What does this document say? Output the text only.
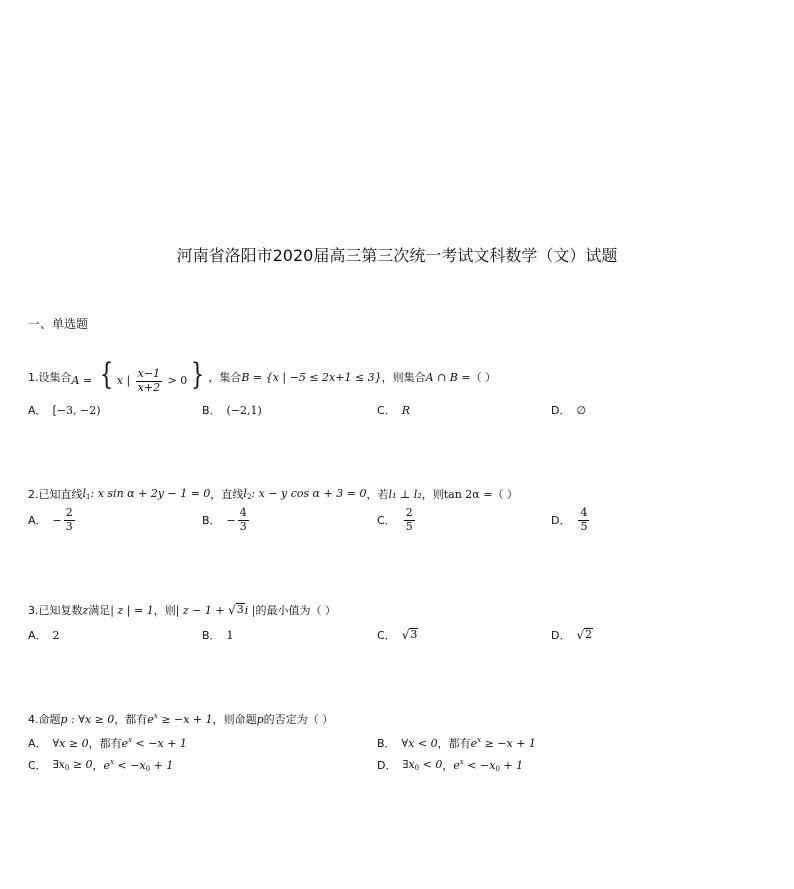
河南省洛阳市2020届高三第三次统一考试文科数学（文）试题
一、单选题
1. 设集合 A = { x | $\frac{x-1}{x+2} > 0$ } ，集合 B = {x | −5 ≤ 2x+1 ≤ 3} ，则集合 A ∩ B = （ ）
A． [−3, −2)	B． (−2,1)	C． R	D． ∅
2. 已知直线 $l_1$: x sin α + 2y − 1 = 0 ，直线 $l_2$: x − y cos α + 3 = 0 ，若 l₁ ⊥ l₂ ，则 tan 2α = （ ）
A． − $\frac{2}{3}$	B． − $\frac{4}{3}$	C． $\frac{2}{5}$	D． $\frac{4}{5}$
3. 已知复数 z 满足 | z | = 1 ，则 | z − 1 + √ 3 i | 的最小值为 （ ）
A． 2	B． 1	C． √ 3	D． √ 2
4. 命题 p : ∀x ≥ 0 ，都有 $e^x \ge -x + 1$ ，则命题 p 的否定为 （ ）
A． ∀x ≥ 0 ，都有 $e^x < -x + 1$	B． ∀x < 0 ，都有 $e^x \ge -x + 1$
C． $\exists x_0 \ge 0$ ， $e^x < -x_0 + 1$	D． $\exists x_0 < 0$ ， $e^x < -x_0 + 1$
